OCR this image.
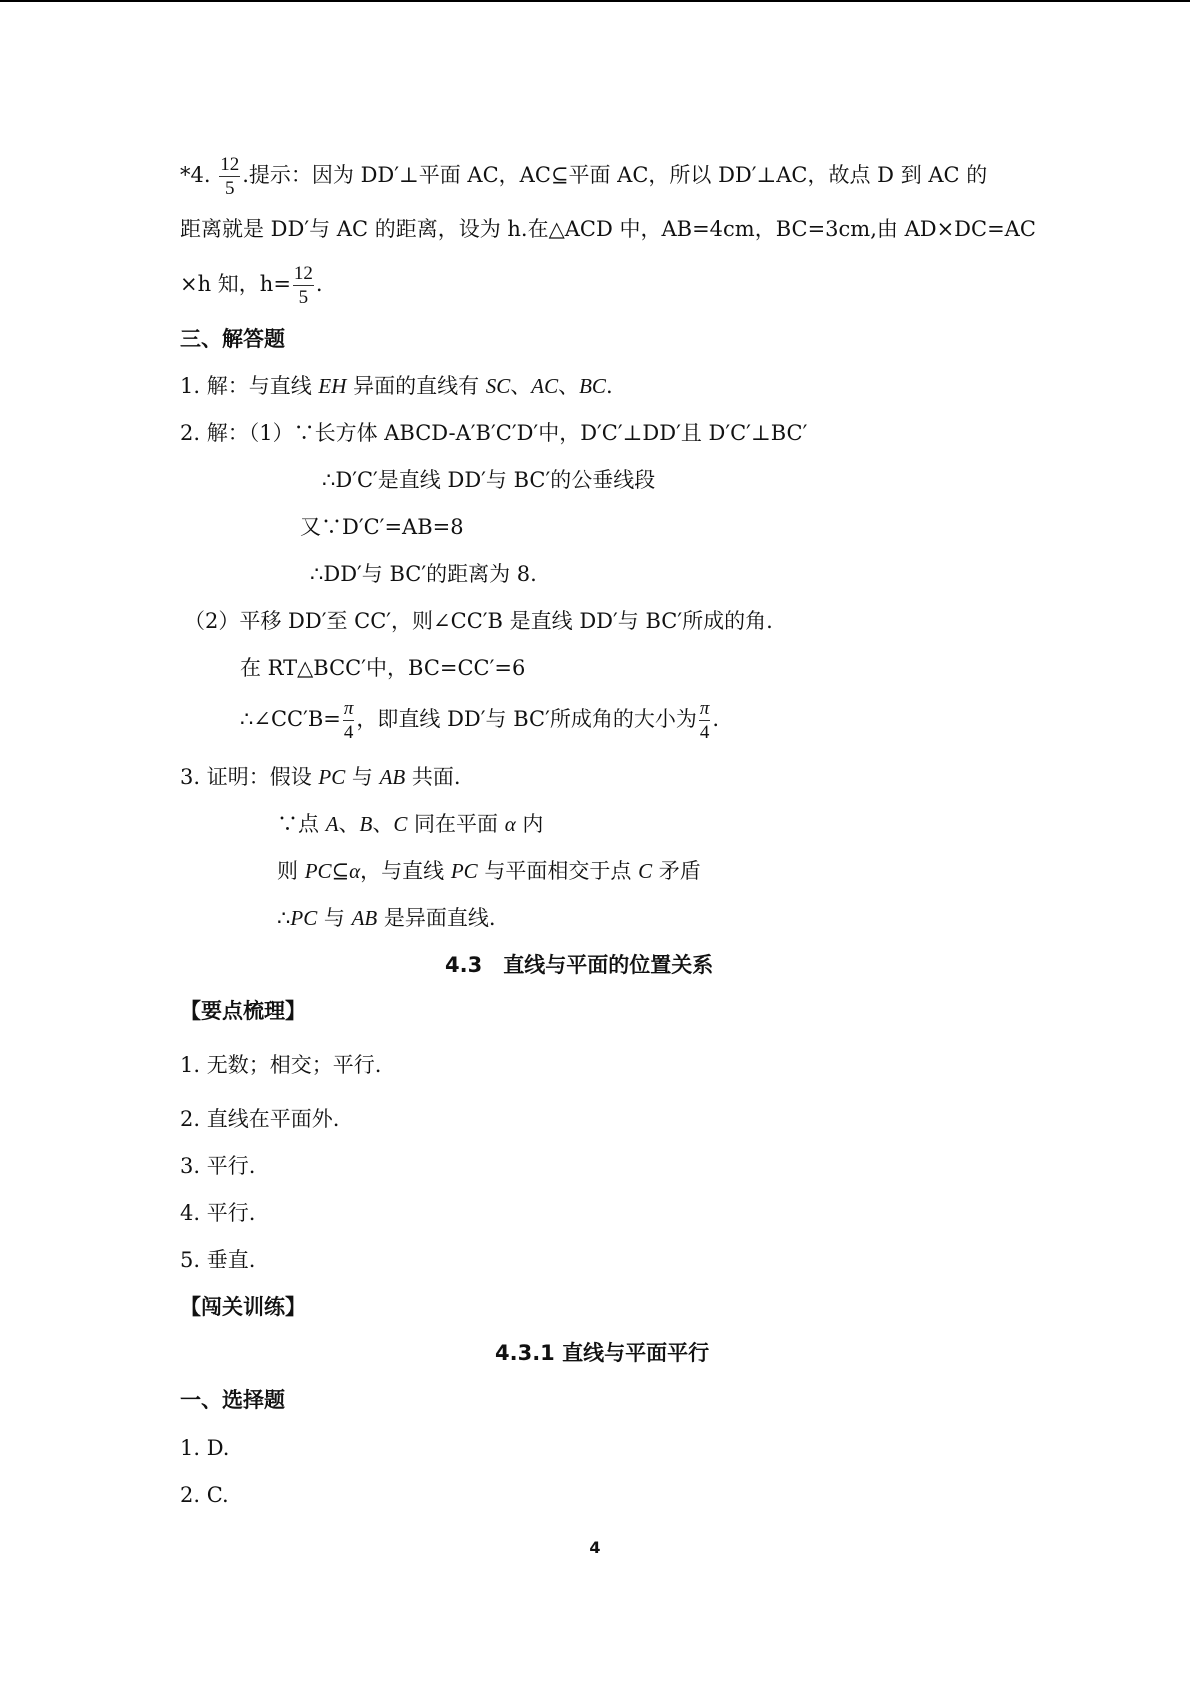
*4. $\frac{12}{5}$ .提示：因为 DD′⊥平面 AC，AC⊆平面 AC，所以 DD′⊥AC，故点 D 到 AC 的
距离就是 DD′与 AC 的距离，设为 h.在△ACD 中，AB=4cm，BC=3cm,由 AD×DC=AC
×h 知，$h= \frac{12}{5}$ .
三、解答题
1. 解：与直线 EH 异面的直线有 SC、AC、BC.
2. 解：（1）∵长方体 ABCD-A′B′C′D′中，D′C′⊥DD′且 D′C′⊥BC′
∴D′C′是直线 DD′与 BC′的公垂线段
又∵D′C′=AB=8
∴DD′与 BC′的距离为 8.
（2）平移 DD′至 CC′，则∠CC′B 是直线 DD′与 BC′所成的角.
在 RT△BCC′中，BC=CC′=6
∴∠CC′B= $\frac{\pi}{4}$ ，即直线 DD′与 BC′所成角的大小为 $\frac{\pi}{4}$ .
3. 证明：假设 PC 与 AB 共面.
∵点 A、B、C 同在平面 α 内
则 PC⊆α，与直线 PC 与平面相交于点 C 矛盾
∴PC 与 AB 是异面直线.
4.3　直线与平面的位置关系
【要点梳理】
1. 无数；相交；平行.
2. 直线在平面外.
3. 平行.
4. 平行.
5. 垂直.
【闯关训练】
4.3.1 直线与平面平行
一、选择题
1. D.
2. C.
4
